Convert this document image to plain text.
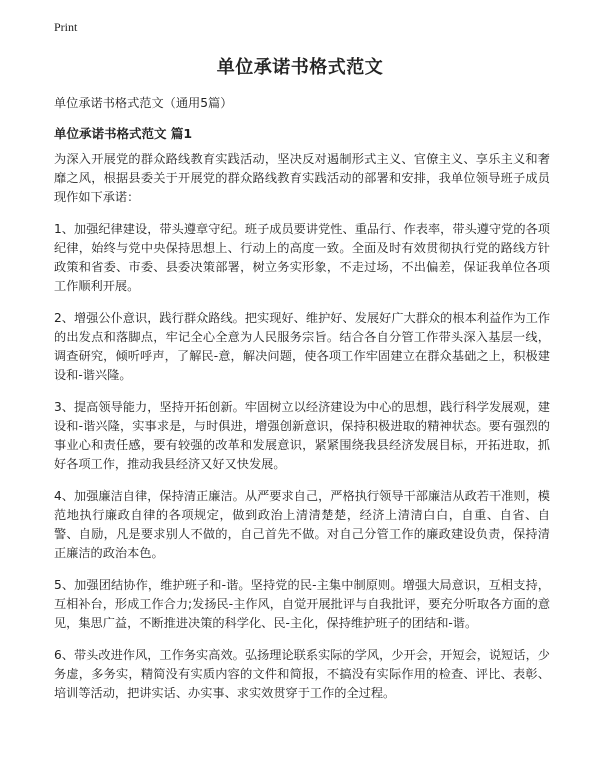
Print
单位承诺书格式范文

单位承诺书格式范文（通用5篇）

单位承诺书格式范文 篇1

为深入开展党的群众路线教育实践活动，坚决反对遏制形式主义、官僚主义、享乐主义和奢靡之风，根据县委关于开展党的群众路线教育实践活动的部署和安排，我单位领导班子成员现作如下承诺：

1、加强纪律建设，带头遵章守纪。班子成员要讲党性、重品行、作表率，带头遵守党的各项纪律，始终与党中央保持思想上、行动上的高度一致。全面及时有效贯彻执行党的路线方针政策和省委、市委、县委决策部署，树立务实形象，不走过场，不出偏差，保证我单位各项工作顺利开展。

2、增强公仆意识，践行群众路线。把实现好、维护好、发展好广大群众的根本利益作为工作的出发点和落脚点，牢记全心全意为人民服务宗旨。结合各自分管工作带头深入基层一线，调查研究，倾听呼声，了解民-意，解决问题，使各项工作牢固建立在群众基础之上，积极建设和-谐兴隆。

3、提高领导能力，坚持开拓创新。牢固树立以经济建设为中心的思想，践行科学发展观，建设和-谐兴隆，实事求是，与时俱进，增强创新意识，保持积极进取的精神状态。要有强烈的事业心和责任感，要有较强的改革和发展意识，紧紧围绕我县经济发展目标，开拓进取，抓好各项工作，推动我县经济又好又快发展。

4、加强廉洁自律，保持清正廉洁。从严要求自己，严格执行领导干部廉洁从政若干准则，模范地执行廉政自律的各项规定，做到政治上清清楚楚，经济上清清白白，自重、自省、自警、自励，凡是要求别人不做的，自己首先不做。对自己分管工作的廉政建设负责，保持清正廉洁的政治本色。

5、加强团结协作，维护班子和-谐。坚持党的民-主集中制原则。增强大局意识，互相支持，互相补台，形成工作合力;发扬民-主作风，自觉开展批评与自我批评，要充分听取各方面的意见，集思广益，不断推进决策的科学化、民-主化，保持维护班子的团结和-谐。

6、带头改进作风，工作务实高效。弘扬理论联系实际的学风，少开会，开短会，说短话，少务虚，多务实，精简没有实质内容的文件和简报，不搞没有实际作用的检查、评比、表彰、培训等活动，把讲实话、办实事、求实效贯穿于工作的全过程。
